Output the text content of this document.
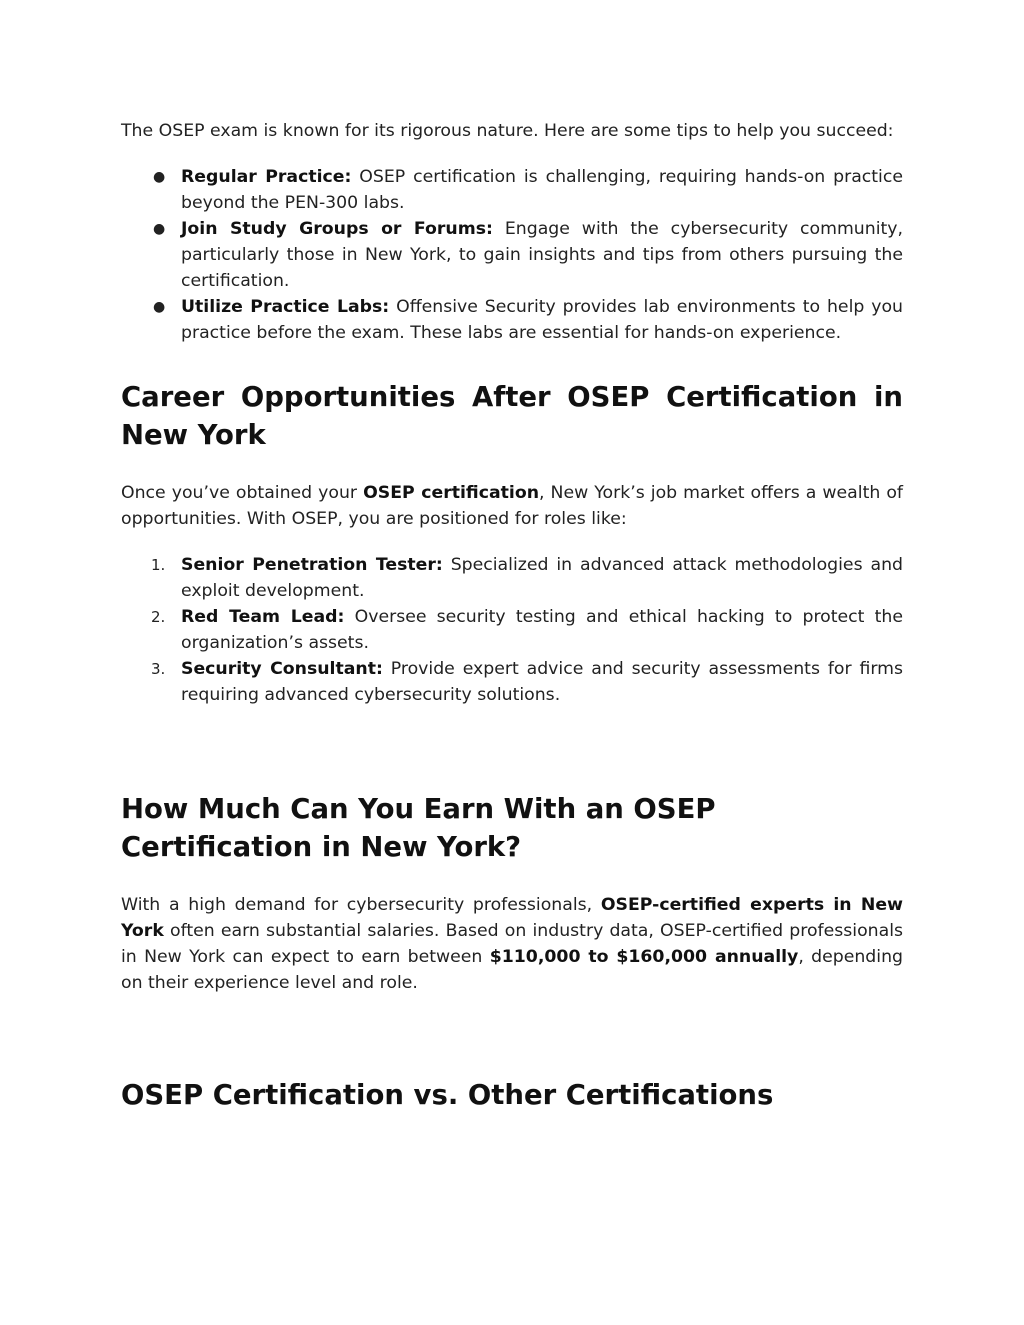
The OSEP exam is known for its rigorous nature. Here are some tips to help you succeed:

● Regular Practice: OSEP certification is challenging, requiring hands-on practice beyond the PEN-300 labs.
● Join Study Groups or Forums: Engage with the cybersecurity community, particularly those in New York, to gain insights and tips from others pursuing the certification.
● Utilize Practice Labs: Offensive Security provides lab environments to help you practice before the exam. These labs are essential for hands-on experience.
Career Opportunities After OSEP Certification in New York

Once you’ve obtained your OSEP certification, New York’s job market offers a wealth of opportunities. With OSEP, you are positioned for roles like:

1. Senior Penetration Tester: Specialized in advanced attack methodologies and exploit development.
2. Red Team Lead: Oversee security testing and ethical hacking to protect the organization’s assets.
3. Security Consultant: Provide expert advice and security assessments for firms requiring advanced cybersecurity solutions.
How Much Can You Earn With an OSEP Certification in New York?

With a high demand for cybersecurity professionals, OSEP-certified experts in New York often earn substantial salaries. Based on industry data, OSEP-certified professionals in New York can expect to earn between $110,000 to $160,000 annually, depending on their experience level and role.

OSEP Certification vs. Other Certifications
